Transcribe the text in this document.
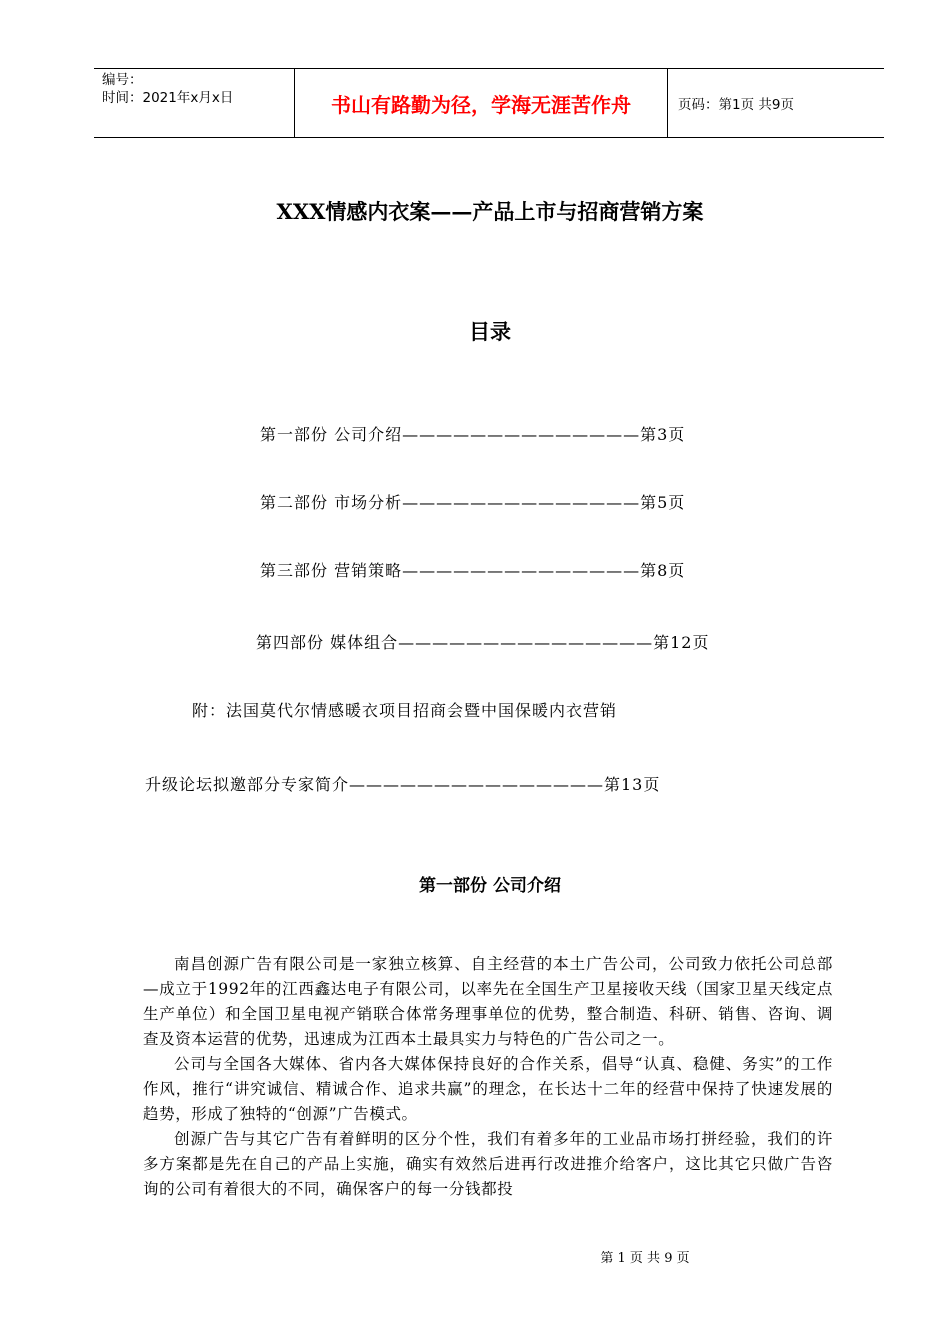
编号：
时间：2021年x月x日	书山有路勤为径，学海无涯苦作舟	页码：第1页 共9页
XXX情感内衣案——产品上市与招商营销方案
目录
第一部份 公司介绍——————————————第3页
第二部份 市场分析——————————————第5页
第三部份 营销策略——————————————第8页
第四部份 媒体组合———————————————第12页
附：法国莫代尔情感暖衣项目招商会暨中国保暖内衣营销
升级论坛拟邀部分专家简介———————————————第13页
第一部份 公司介绍

南昌创源广告有限公司是一家独立核算、自主经营的本土广告公司，公司致力依托公司总部—成立于1992年的江西鑫达电子有限公司，以率先在全国生产卫星接收天线（国家卫星天线定点生产单位）和全国卫星电视产销联合体常务理事单位的优势，整合制造、科研、销售、咨询、调查及资本运营的优势，迅速成为江西本土最具实力与特色的广告公司之一。

公司与全国各大媒体、省内各大媒体保持良好的合作关系，倡导“认真、稳健、务实”的工作作风，推行“讲究诚信、精诚合作、追求共赢”的理念，在长达十二年的经营中保持了快速发展的趋势，形成了独特的“创源”广告模式。

创源广告与其它广告有着鲜明的区分个性，我们有着多年的工业品市场打拼经验，我们的许多方案都是先在自己的产品上实施，确实有效然后进再行改进推介给客户，这比其它只做广告咨询的公司有着很大的不同，确保客户的每一分钱都投

第 1 页 共 9 页
